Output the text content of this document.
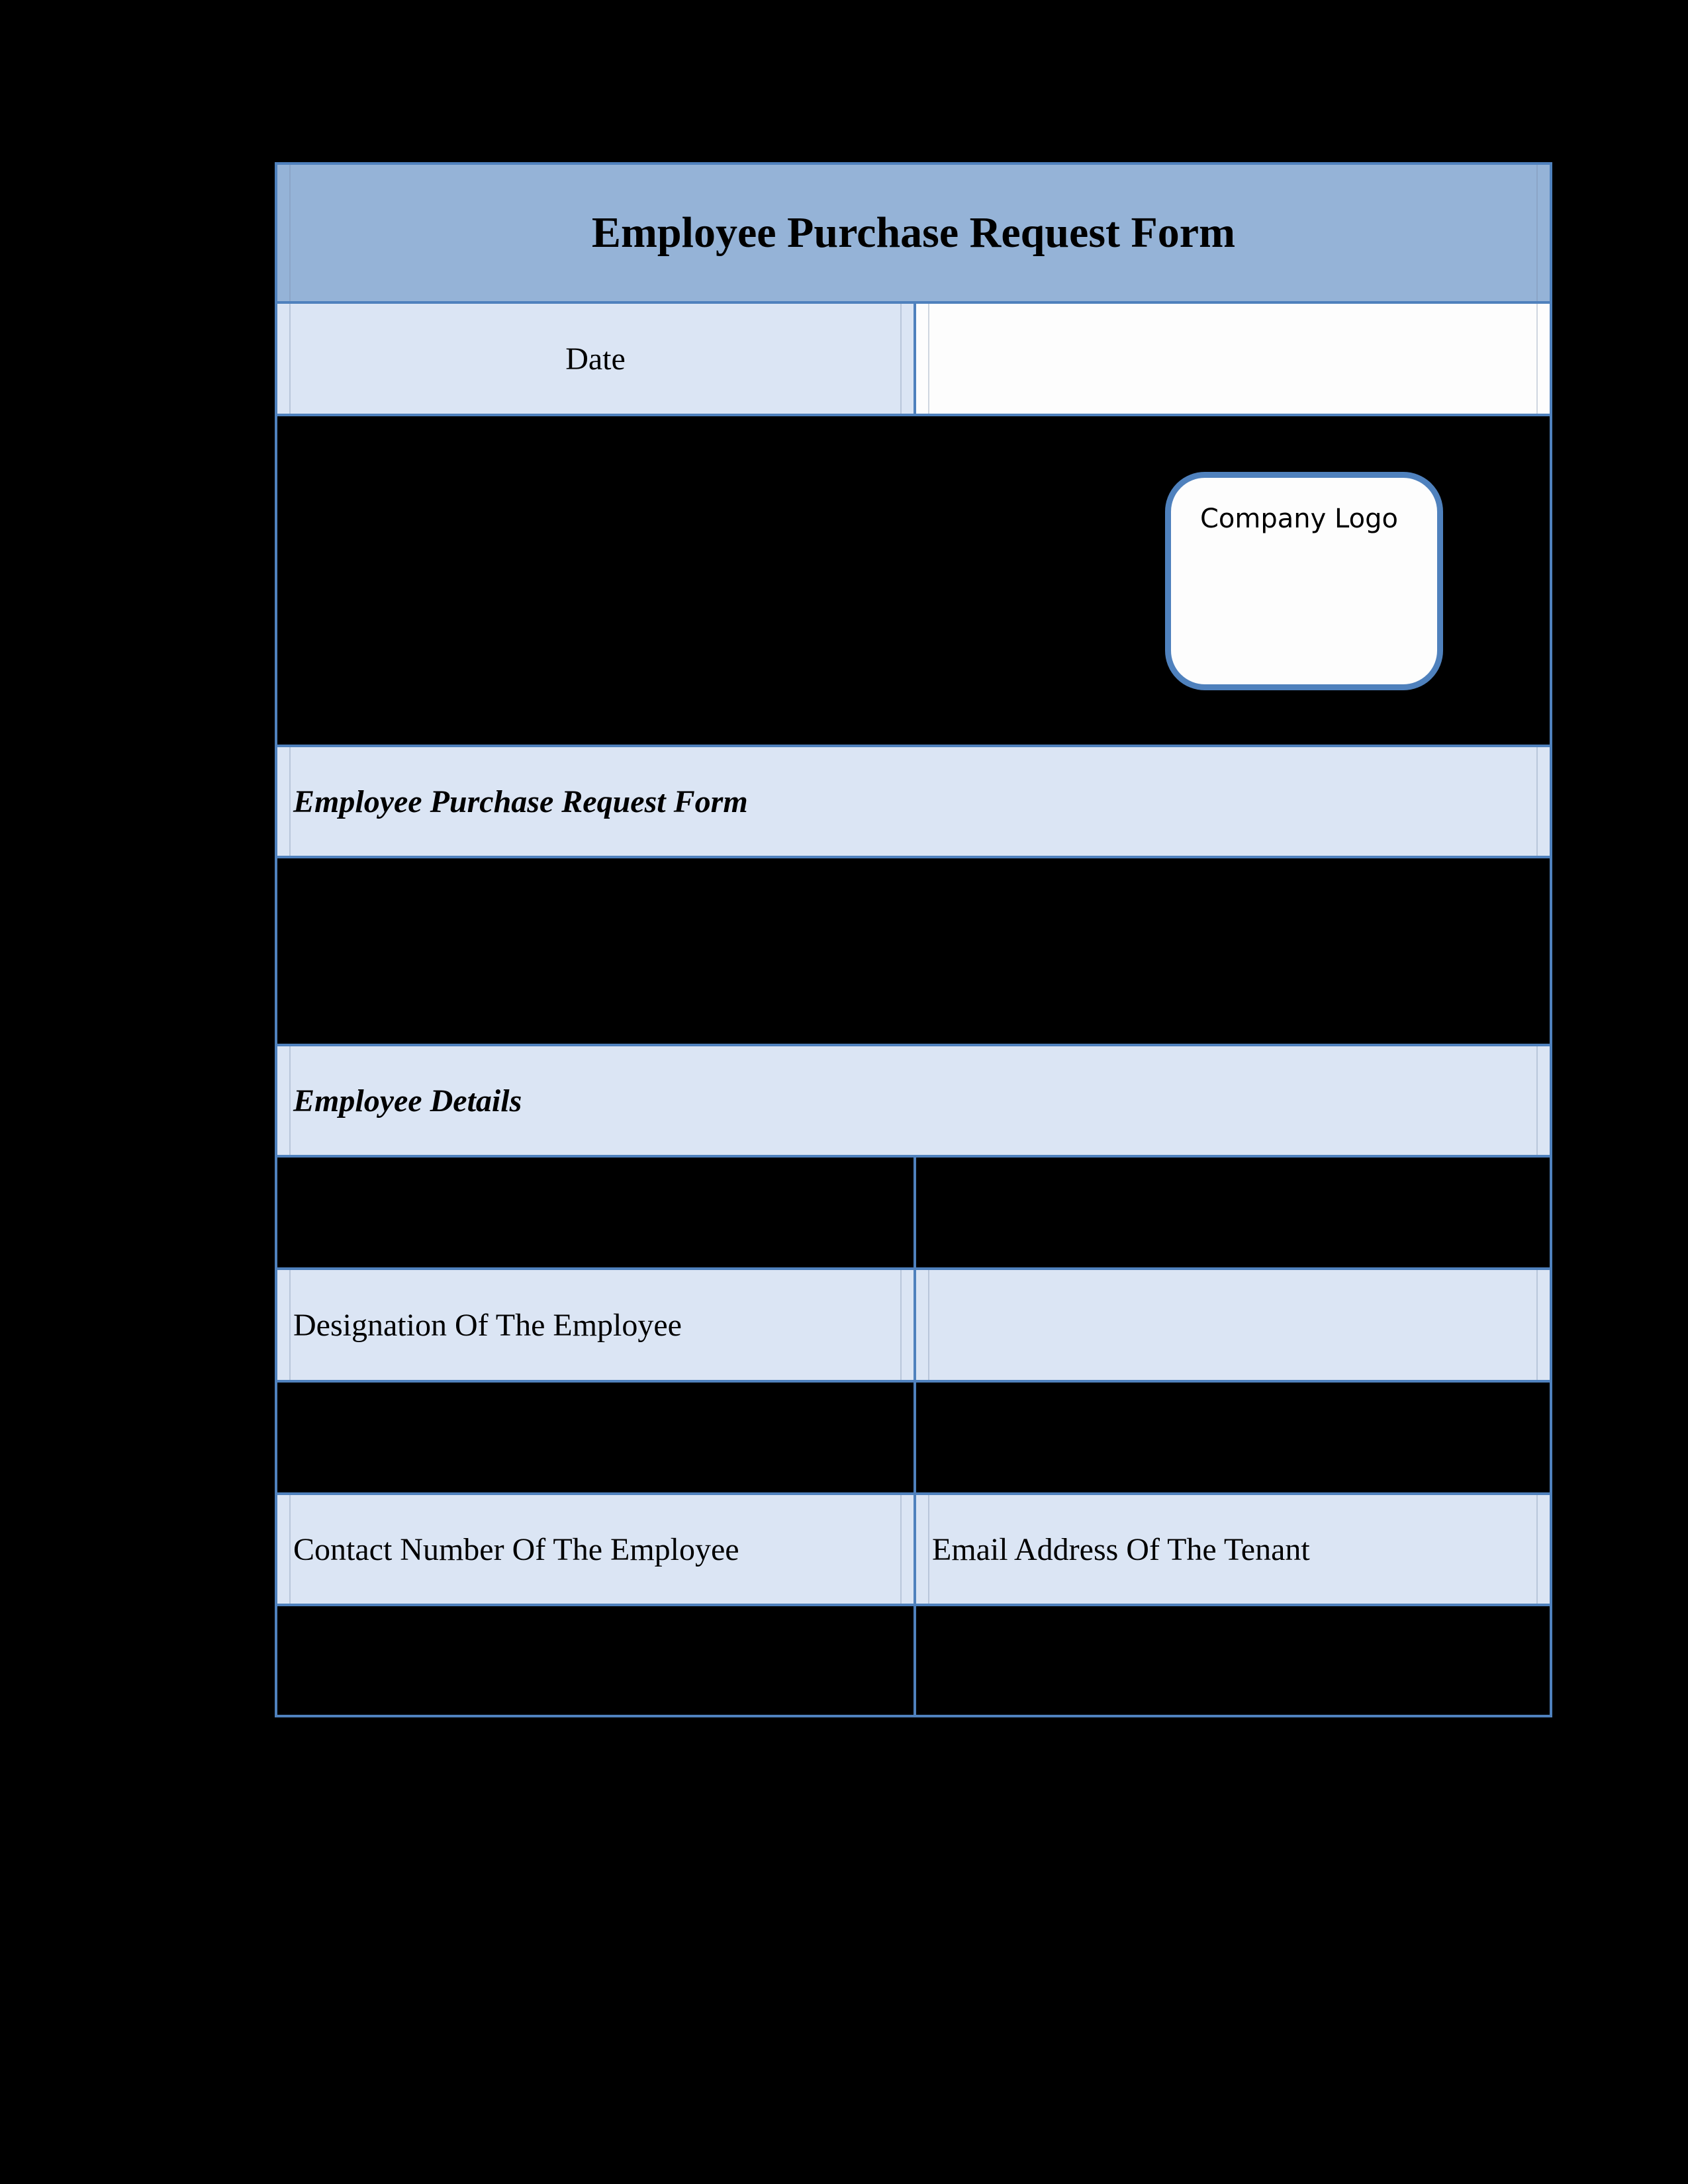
Employee Purchase Request Form
Date
Company Logo
Employee Purchase Request Form
Employee Details
Designation Of The Employee
Contact Number Of The Employee	Email Address Of The Tenant
